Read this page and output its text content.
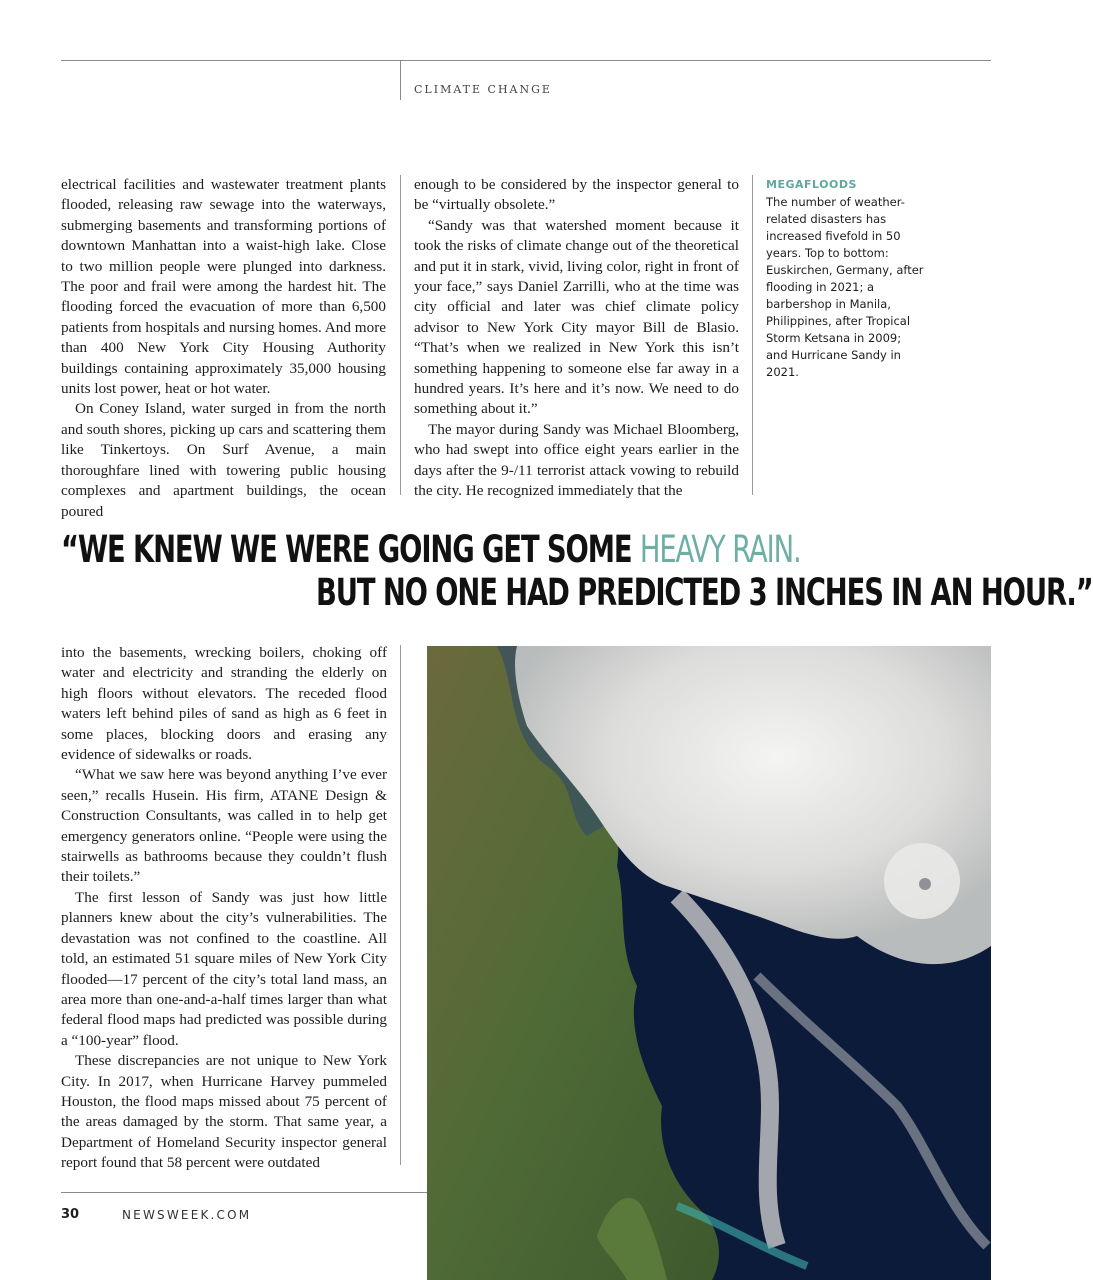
CLIMATE CHANGE

electrical facilities and wastewater treatment plants flooded, releasing raw sewage into the waterways, submerging basements and transforming portions of downtown Manhattan into a waist-high lake. Close to two million people were plunged into darkness. The poor and frail were among the hardest hit. The flooding forced the evacuation of more than 6,500 patients from hospitals and nursing homes. And more than 400 New York City Housing Authority buildings containing approximately 35,000 housing units lost power, heat or hot water.

On Coney Island, water surged in from the north and south shores, picking up cars and scattering them like Tinkertoys. On Surf Avenue, a main thoroughfare lined with towering public housing complexes and apartment buildings, the ocean poured

enough to be considered by the inspector general to be “virtually obsolete.”

“Sandy was that watershed moment because it took the risks of climate change out of the theoretical and put it in stark, vivid, living color, right in front of your face,” says Daniel Zarrilli, who at the time was city official and later was chief climate policy advisor to New York City mayor Bill de Blasio. “That’s when we realized in New York this isn’t something happening to someone else far away in a hundred years. It’s here and it’s now. We need to do something about it.”

The mayor during Sandy was Michael Bloomberg, who had swept into office eight years earlier in the days after the 9-/11 terrorist attack vowing to rebuild the city. He recognized immediately that the

MEGAFLOODS
The number of weather-related disasters has increased fivefold in 50 years. Top to bottom: Euskirchen, Germany, after flooding in 2021; a barbershop in Manila, Philippines, after Tropical Storm Ketsana in 2009; and Hurricane Sandy in 2021.
“WE KNEW WE WERE GOING GET SOME HEAVY RAIN.
BUT NO ONE HAD PREDICTED 3 INCHES IN AN HOUR.”

into the basements, wrecking boilers, choking off water and electricity and stranding the elderly on high floors without elevators. The receded flood waters left behind piles of sand as high as 6 feet in some places, blocking doors and erasing any evidence of sidewalks or roads.

“What we saw here was beyond anything I’ve ever seen,” recalls Husein. His firm, ATANE Design & Construction Consultants, was called in to help get emergency generators online. “People were using the stairwells as bathrooms because they couldn’t flush their toilets.”

The first lesson of Sandy was just how little planners knew about the city’s vulnerabilities. The devastation was not confined to the coastline. All told, an estimated 51 square miles of New York City flooded—17 percent of the city’s total land mass, an area more than one-and-a-half times larger than what federal flood maps had predicted was possible during a “100-year” flood.

These discrepancies are not unique to New York City. In 2017, when Hurricane Harvey pummeled Houston, the flood maps missed about 75 percent of the areas damaged by the storm. That same year, a Department of Homeland Security inspector general report found that 58 percent were outdated

30	NEWSWEEK.COM
